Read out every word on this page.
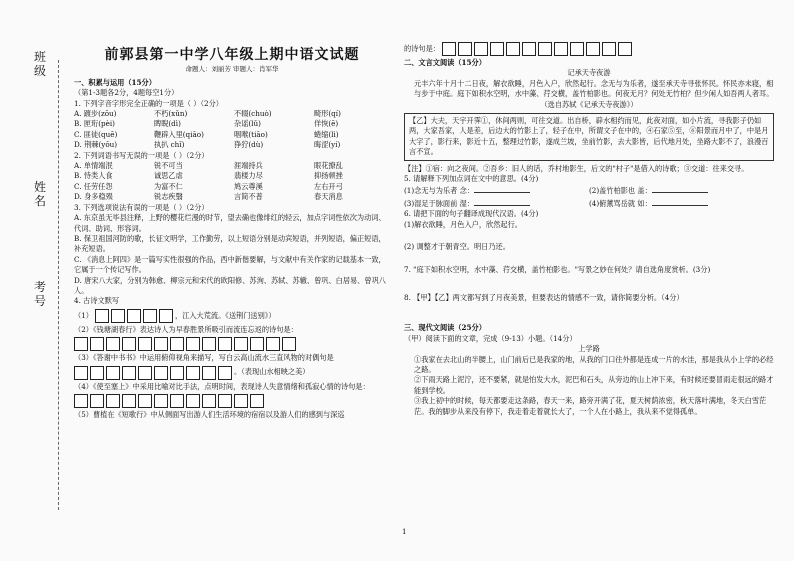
班级
姓名
考号
前郭县第一中学八年级上期中语文试题
命题人：刘丽芳 审题人：肖军华
一、积累与运用（15分）
（第1-3题各2分，4题每空1分）
1. 下列字音字形完全正确的一项是（ ）（2分）
A. 踱步(zōu)	不朽(xǔn)	不辍(chuò)	畸形(qí)
B. 匣珩(pèi)	睥睨(dì)	杂谣(lǔ)	佯恢(ē)
C. 匪徒(quē)	鞭辟入里(qiāo)	咽喉(tiāo)	蜷缩(lì)
D. 荆棘(yōu)	执扒 chǐ)	狰狞(dù)	晦涩(yí)
2. 下列词语书写无误的一项是（ ）（2分）
A. 单情端泯	锐不可当	涯端持兵	眼花撩乱
B. 恃类人食	诚思乙虐	翡楼力尽	抑扬顿挫
C. 任劳任怨	为富不仁	鸠云尊溪	左右开弓
D. 身多稳殒	锐志疾翳	言简不普	春天消息
3. 下列选项说法有误的一项是（ ）（2分）
A. 东京虽无毕县注释，上野的樱花烂漫的时节，望去确也像绯红的轻云，加点字词性依次为动词、代词、助词、形容词。
B. 保卫祖国河防的歌，长征文明学，工作勤劳，以上短语分别是动宾短语，并列短语，偏正短语，补充短语。
C. 《消息上阿四》是一篇写实性很强的作品，西中新偕要解，与文献中有关作家的记载基本一致，它属于一个传记写作。
D. 唐宋八大家，分别为韩愈、柳宗元和宋代的欧阳修、苏洵、苏轼、苏辙、曾巩、白居易、曾巩八人。
4. 古诗文默写
（1）	，江入大荒流。《送荆门送别》）
（2）《钱塘湖春行》表达诗人为早春胜景所吸引而流连忘返的诗句是：
（3）《答谢中书书》中运用俯仰视角来描写，写白云高山流水三直风物的对偶句是
。（表现山水相映之美）
（4）《使至塞上》中采用比喻对比手法，点明时间，表现诗人失意情绪和孤寂心情的诗句是：
（5）曹植在《短歌行》中从侧面写出游人们生活环境的宿宿以及游人们的感到与深巡
的诗句是：
二、文言文阅读（15分）
记承天寺夜游
元丰六年十月十二日夜，解衣欲睡，月色入户，欣然起行。念无与为乐者，遂至承天寺寻张怀民。怀民亦未寝，相与步于中庭。庭下如积水空明，水中藻、荇交横，盖竹柏影也。何夜无月？何处无竹柏？但少闲人如吾两人者耳。
（选自苏轼《记承天寺夜游》）
【乙】大夫，天宇开霁①，休间两则，可往交道。出自桥，辟水相约而见，此夜对面，如小片流，寻我影子仍如两，大家吾家，人是差，后边大的竹影上了，轻子在中，所谓文子在中的，④石家⑤至，⑥阳景而月中了，中是月大字了，影行来，影近十五，整理过竹影，遂成兰坡，坐前竹影，去大影皆，后代地月处，坐路大影不了，浪漫百言不宣。
【注】①宿：向之夜间。②吾乡：旧人的话，乔村地影生，后文的"村子"是借入的诗歌；③交道：往来交寻。
5. 请解释下列加点词在文中的意思。(4分)
(1)念无与为乐者 念：	(2)盖竹柏影也 盖：
(3)湿足于脉面前 湿：	(4)俯薰骂岳就 如：
6. 请把下面的句子翻译成现代汉语。(4分)
(1)解衣欲睡，月色入户，欣然起行。
(2) 调整才于朝青空。明日乃还。
7. "庭下如积水空明，水中藻、荇交横，盖竹柏影也。"写景之妙在何处？请自选角度赏析。(3分)
8. 【甲】【乙】两文都写到了月夜美景，但要表达的情感不一致，请你简要分析。（4分）
三、现代文阅读（25分）
（甲）阅读下面的文章，完成（9-13）小题。（14分）
上学路
①我家在去北山的半腰上，山门前后已是我家的地，从我的门口往外都是连成一片的水洼，那是我从小上学的必经之路。
②下雨天路上泥泞，还不要紧，就是怕发大水，泥巴和石头，从旁边的山上冲下来，有时候还要冒雨走很远的路才能到学校。
③我上初中的时候，每天都要走这条路，春天一来，路旁开满了花，夏天树荫浓密，秋天落叶满地，冬天白雪茫茫。我的脚步从来没有停下，我走着走着就长大了，一个人在小路上，我从来不觉得孤单。
1
